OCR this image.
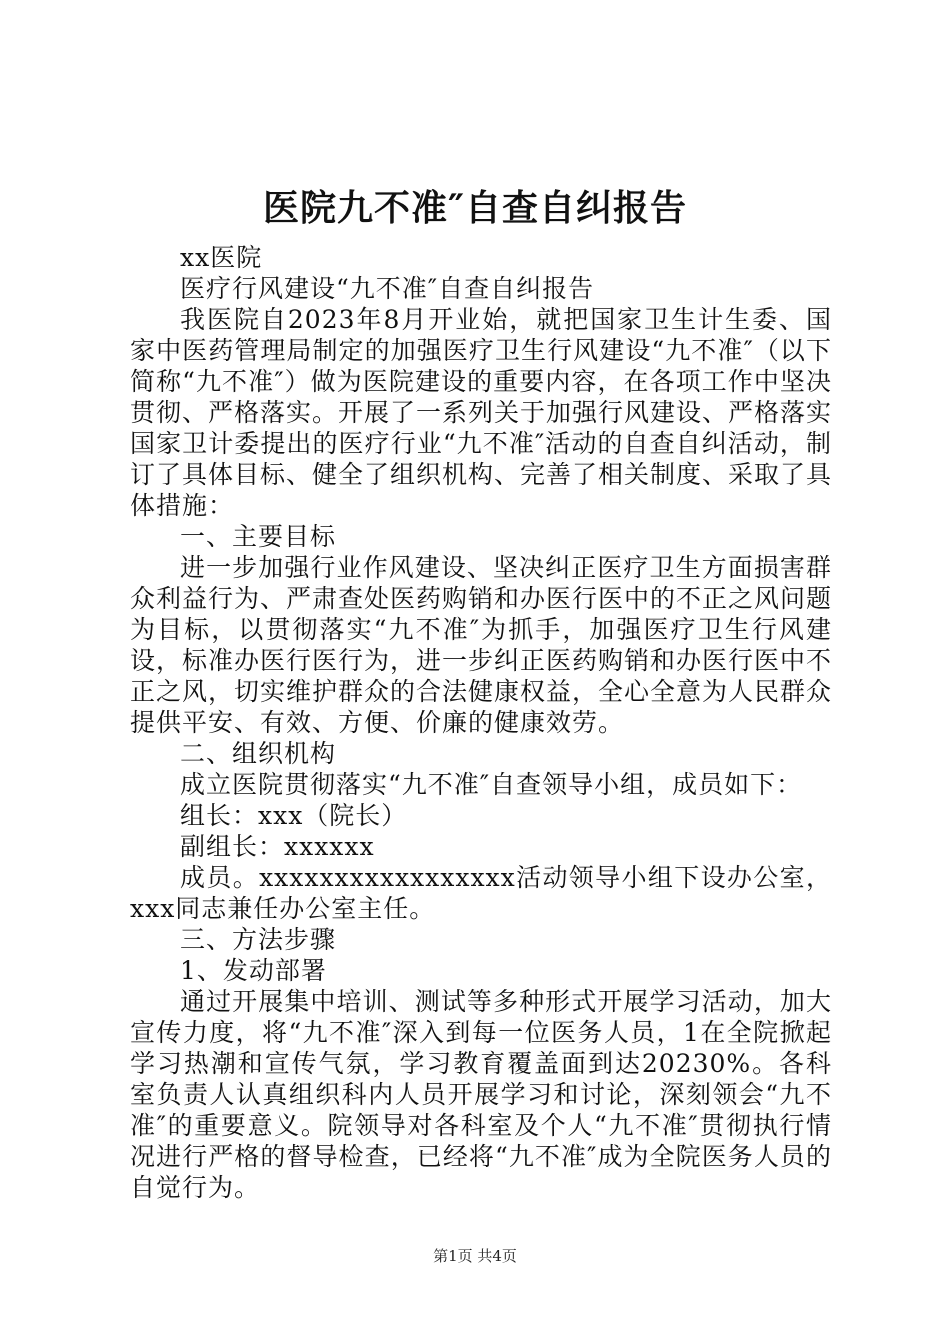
医院九不准″自查自纠报告

xx医院

医疗行风建设“九不准″自查自纠报告

我医院自2023年8月开业始，就把国家卫生计生委、国家中医药管理局制定的加强医疗卫生行风建设“九不准″（以下简称“九不准″）做为医院建设的重要内容，在各项工作中坚决贯彻、严格落实。开展了一系列关于加强行风建设、严格落实国家卫计委提出的医疗行业“九不准″活动的自查自纠活动，制订了具体目标、健全了组织机构、完善了相关制度、采取了具体措施：

一、主要目标

进一步加强行业作风建设、坚决纠正医疗卫生方面损害群众利益行为、严肃查处医药购销和办医行医中的不正之风问题为目标，以贯彻落实“九不准″为抓手，加强医疗卫生行风建设，标准办医行医行为，进一步纠正医药购销和办医行医中不正之风，切实维护群众的合法健康权益，全心全意为人民群众提供平安、有效、方便、价廉的健康效劳。

二、组织机构

成立医院贯彻落实“九不准″自查领导小组，成员如下：

组长：xxx（院长）

副组长：xxxxxx

成员。xxxxxxxxxxxxxxxxx活动领导小组下设办公室，xxx同志兼任办公室主任。

三、方法步骤

1、发动部署

通过开展集中培训、测试等多种形式开展学习活动，加大宣传力度，将“九不准″深入到每一位医务人员，1在全院掀起学习热潮和宣传气氛，学习教育覆盖面到达20230%。各科室负责人认真组织科内人员开展学习和讨论，深刻领会“九不准″的重要意义。院领导对各科室及个人“九不准″贯彻执行情况进行严格的督导检查，已经将“九不准″成为全院医务人员的自觉行为。

第1页 共4页
